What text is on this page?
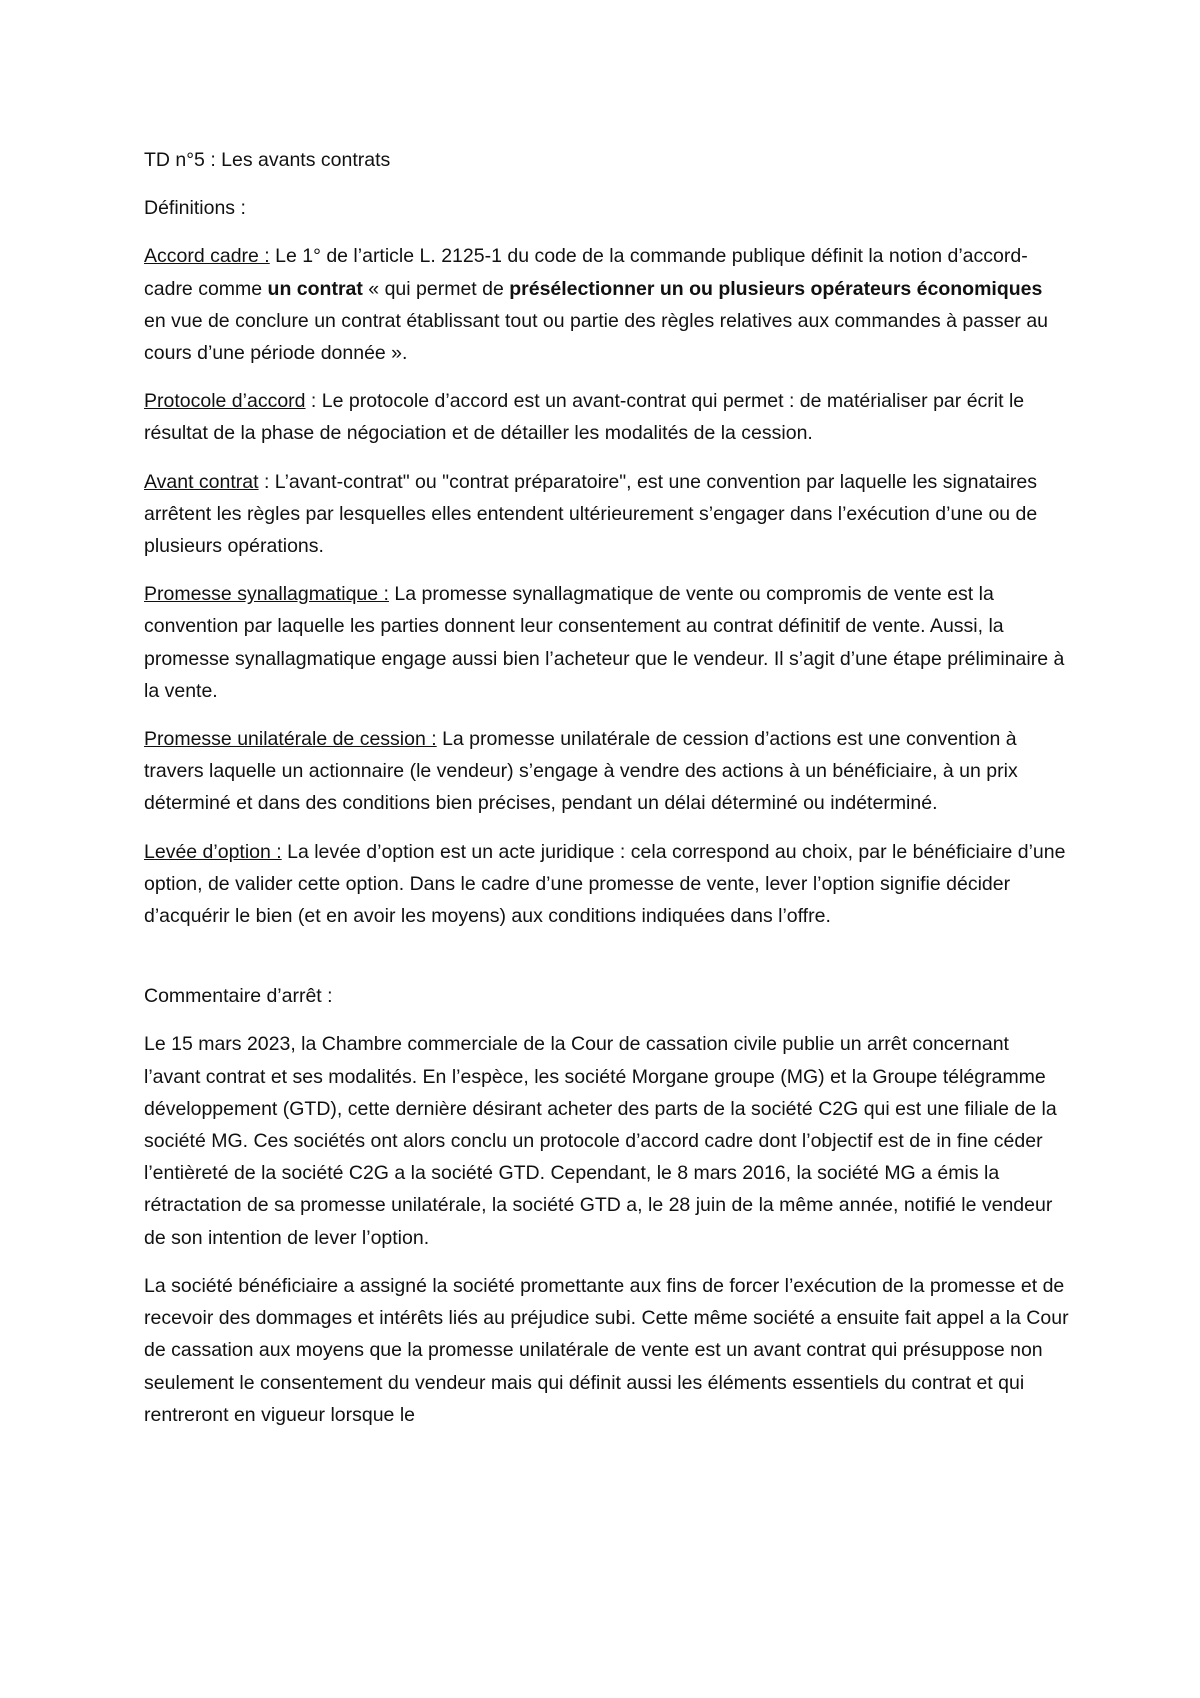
TD n°5 : Les avants contrats

Définitions :

Accord cadre : Le 1° de l’article L. 2125-1 du code de la commande publique définit la notion d’accord-cadre comme un contrat « qui permet de présélectionner un ou plusieurs opérateurs économiques en vue de conclure un contrat établissant tout ou partie des règles relatives aux commandes à passer au cours d’une période donnée ».

Protocole d’accord : Le protocole d’accord est un avant-contrat qui permet : de matérialiser par écrit le résultat de la phase de négociation et de détailler les modalités de la cession.

Avant contrat : L’avant-contrat" ou "contrat préparatoire", est une convention par laquelle les signataires arrêtent les règles par lesquelles elles entendent ultérieurement s’engager dans l’exécution d’une ou de plusieurs opérations.

Promesse synallagmatique : La promesse synallagmatique de vente ou compromis de vente est la convention par laquelle les parties donnent leur consentement au contrat définitif de vente. Aussi, la promesse synallagmatique engage aussi bien l’acheteur que le vendeur. Il s’agit d’une étape préliminaire à la vente.

Promesse unilatérale de cession : La promesse unilatérale de cession d’actions est une convention à travers laquelle un actionnaire (le vendeur) s’engage à vendre des actions à un bénéficiaire, à un prix déterminé et dans des conditions bien précises, pendant un délai déterminé ou indéterminé.

Levée d’option : La levée d’option est un acte juridique : cela correspond au choix, par le bénéficiaire d’une option, de valider cette option. Dans le cadre d’une promesse de vente, lever l’option signifie décider d’acquérir le bien (et en avoir les moyens) aux conditions indiquées dans l’offre.

Commentaire d’arrêt :

Le 15 mars 2023, la Chambre commerciale de la Cour de cassation civile publie un arrêt concernant l’avant contrat et ses modalités. En l’espèce, les société Morgane groupe (MG) et la Groupe télégramme développement (GTD), cette dernière désirant acheter des parts de la société C2G qui est une filiale de la société MG. Ces sociétés ont alors conclu un protocole d’accord cadre dont l’objectif est de in fine céder l’entièreté de la société C2G a la société GTD. Cependant, le 8 mars 2016, la société MG a émis la rétractation de sa promesse unilatérale, la société GTD a, le 28 juin de la même année, notifié le vendeur de son intention de lever l’option.

La société bénéficiaire a assigné la société promettante aux fins de forcer l’exécution de la promesse et de recevoir des dommages et intérêts liés au préjudice subi. Cette même société a ensuite fait appel a la Cour de cassation aux moyens que la promesse unilatérale de vente est un avant contrat qui présuppose non seulement le consentement du vendeur mais qui définit aussi les éléments essentiels du contrat et qui rentreront en vigueur lorsque le
